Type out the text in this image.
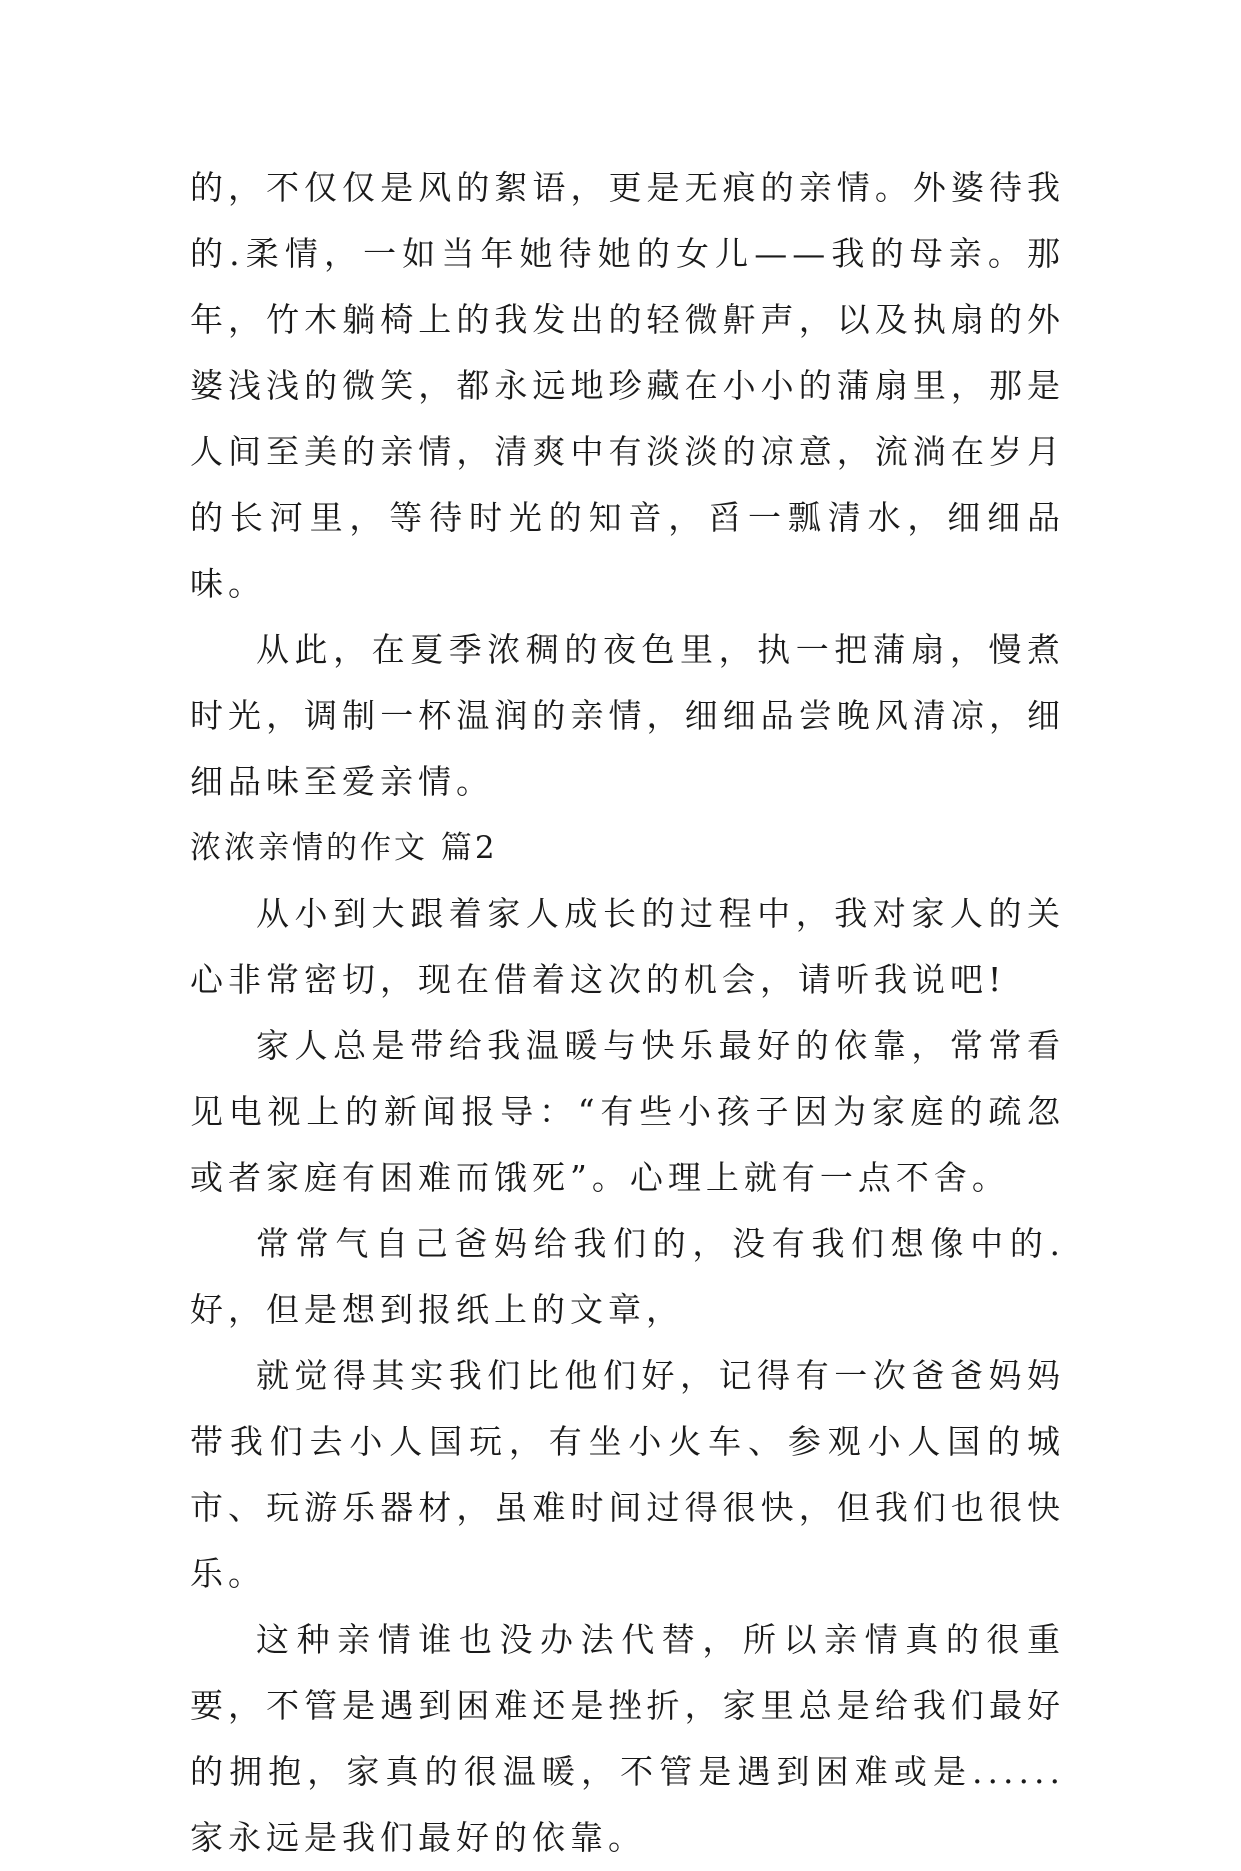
的，不仅仅是风的絮语，更是无痕的亲情。外婆待我的.柔情，一如当年她待她的女儿——我的母亲。那年，竹木躺椅上的我发出的轻微鼾声，以及执扇的外婆浅浅的微笑，都永远地珍藏在小小的蒲扇里，那是人间至美的亲情，清爽中有淡淡的凉意，流淌在岁月的长河里，等待时光的知音，舀一瓢清水，细细品味。

从此，在夏季浓稠的夜色里，执一把蒲扇，慢煮时光，调制一杯温润的亲情，细细品尝晚风清凉，细细品味至爱亲情。

浓浓亲情的作文 篇2

从小到大跟着家人成长的过程中，我对家人的关心非常密切，现在借着这次的机会，请听我说吧!

家人总是带给我温暖与快乐最好的依靠，常常看见电视上的新闻报导：“有些小孩子因为家庭的疏忽或者家庭有困难而饿死”。心理上就有一点不舍。

常常气自己爸妈给我们的，没有我们想像中的.好，但是想到报纸上的文章，

就觉得其实我们比他们好，记得有一次爸爸妈妈带我们去小人国玩，有坐小火车、参观小人国的城市、玩游乐器材，虽难时间过得很快，但我们也很快乐。

这种亲情谁也没办法代替，所以亲情真的很重要，不管是遇到困难还是挫折，家里总是给我们最好的拥抱，家真的很温暖，不管是遇到困难或是......家永远是我们最好的依靠。
